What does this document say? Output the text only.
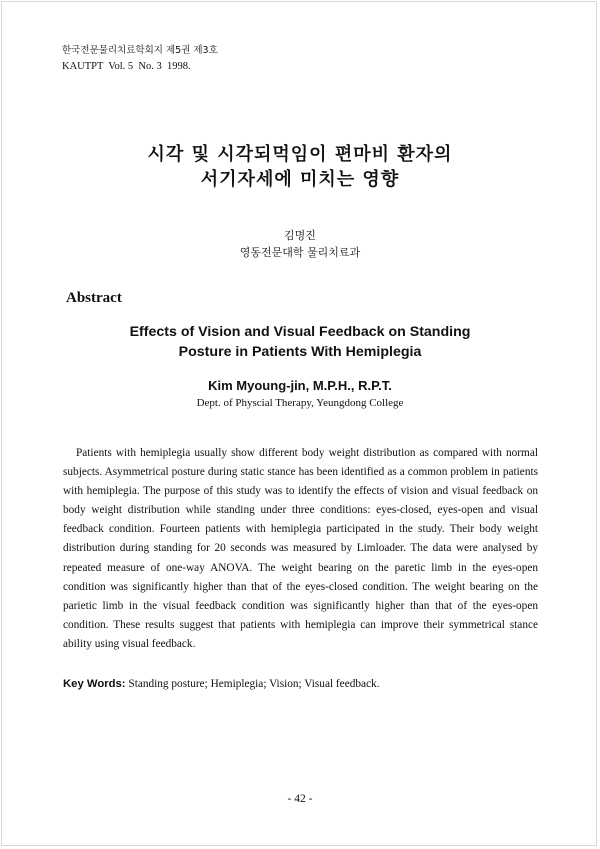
한국전문물리치료학회지 제5권 제3호
KAUTPT  Vol. 5  No. 3  1998.
시각 및 시각되먹임이 편마비 환자의
서기자세에 미치는 영향
김명진
영동전문대학 물리치료과
Abstract
Effects of Vision and Visual Feedback on Standing
Posture in Patients With Hemiplegia
Kim Myoung-jin, M.P.H., R.P.T.
Dept. of Physcial Therapy, Yeungdong College

Patients with hemiplegia usually show different body weight distribution as compared with normal subjects. Asymmetrical posture during static stance has been identified as a common problem in patients with hemiplegia. The purpose of this study was to identify the effects of vision and visual feedback on body weight distribution while standing under three conditions: eyes-closed, eyes-open and visual feedback condition. Fourteen patients with hemiplegia participated in the study. Their body weight distribution during standing for 20 seconds was measured by Limloader. The data were analysed by repeated measure of one-way ANOVA. The weight bearing on the paretic limb in the eyes-open condition was significantly higher than that of the eyes-closed condition. The weight bearing on the parietic limb in the visual feedback condition was significantly higher than that of the eyes-open condition. These results suggest that patients with hemiplegia can improve their symmetrical stance ability using visual feedback.

Key Words: Standing posture; Hemiplegia; Vision; Visual feedback.

- 42 -
